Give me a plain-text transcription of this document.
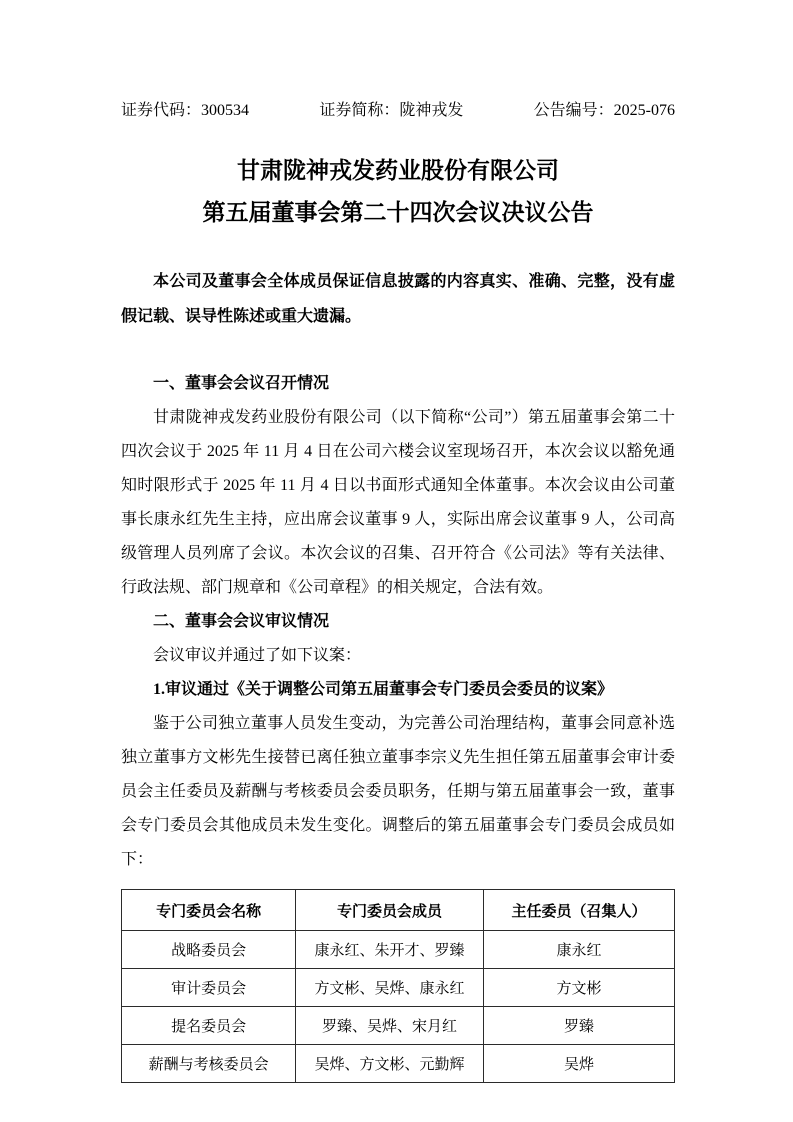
证券代码：300534	证券简称：陇神戎发	公告编号：2025-076
甘肃陇神戎发药业股份有限公司
第五届董事会第二十四次会议决议公告

本公司及董事会全体成员保证信息披露的内容真实、准确、完整，没有虚假记载、误导性陈述或重大遗漏。

一、董事会会议召开情况

甘肃陇神戎发药业股份有限公司（以下简称“公司”）第五届董事会第二十四次会议于 2025 年 11 月 4 日在公司六楼会议室现场召开，本次会议以豁免通知时限形式于 2025 年 11 月 4 日以书面形式通知全体董事。本次会议由公司董事长康永红先生主持，应出席会议董事 9 人，实际出席会议董事 9 人，公司高级管理人员列席了会议。本次会议的召集、召开符合《公司法》等有关法律、行政法规、部门规章和《公司章程》的相关规定，合法有效。

二、董事会会议审议情况

会议审议并通过了如下议案：

1.审议通过《关于调整公司第五届董事会专门委员会委员的议案》

鉴于公司独立董事人员发生变动，为完善公司治理结构，董事会同意补选独立董事方文彬先生接替已离任独立董事李宗义先生担任第五届董事会审计委员会主任委员及薪酬与考核委员会委员职务，任期与第五届董事会一致，董事会专门委员会其他成员未发生变化。调整后的第五届董事会专门委员会成员如下：

专门委员会名称	专门委员会成员	主任委员（召集人）
战略委员会	康永红、朱开才、罗臻	康永红
审计委员会	方文彬、吴烨、康永红	方文彬
提名委员会	罗臻、吴烨、宋月红	罗臻
薪酬与考核委员会	吴烨、方文彬、元勤辉	吴烨
